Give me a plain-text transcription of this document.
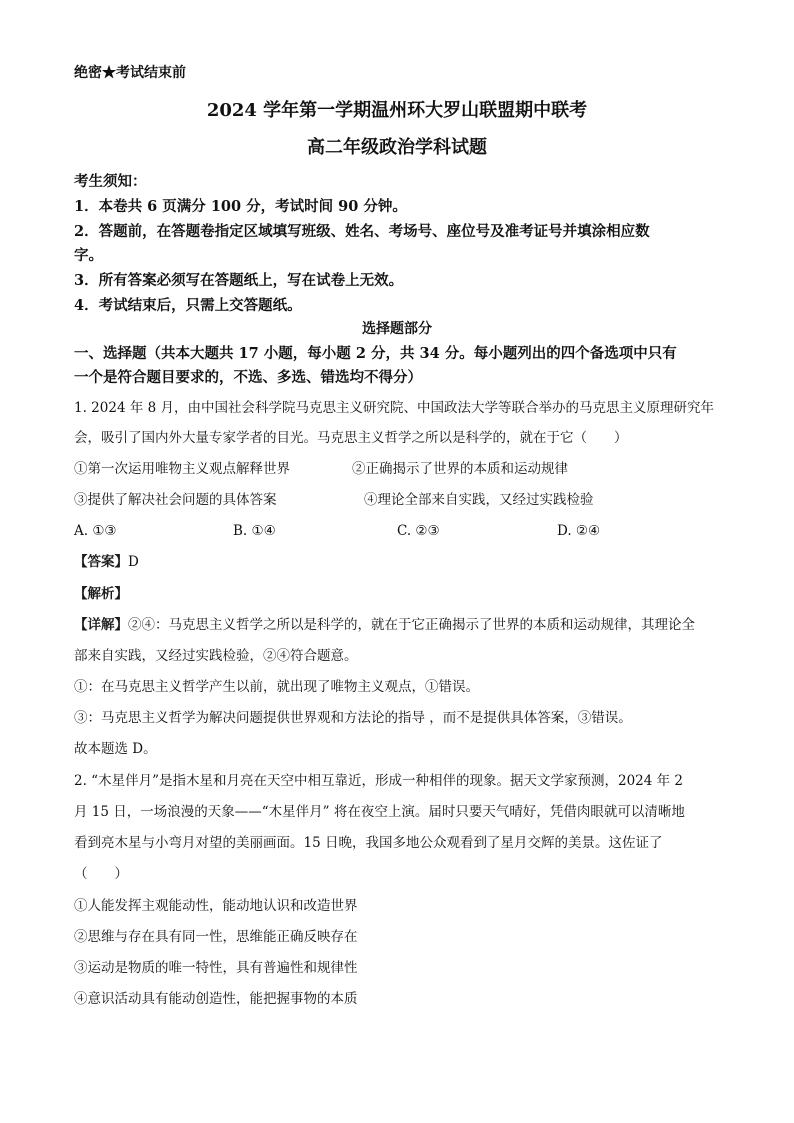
绝密★考试结束前
2024 学年第一学期温州环大罗山联盟期中联考
高二年级政治学科试题
考生须知：
1．本卷共 6 页满分 100 分，考试时间 90 分钟。
2．答题前，在答题卷指定区域填写班级、姓名、考场号、座位号及准考证号并填涂相应数
字。
3．所有答案必须写在答题纸上，写在试卷上无效。
4．考试结束后，只需上交答题纸。
选择题部分
一、选择题（共本大题共 17 小题，每小题 2 分，共 34 分。每小题列出的四个备选项中只有
一个是符合题目要求的，不选、多选、错选均不得分）
1. 2024 年 8 月，由中国社会科学院马克思主义研究院、中国政法大学等联合举办的马克思主义原理研究年
会，吸引了国内外大量专家学者的目光。马克思主义哲学之所以是科学的，就在于它（　　）
①第一次运用唯物主义观点解释世界	②正确揭示了世界的本质和运动规律
③提供了解决社会问题的具体答案	④理论全部来自实践，又经过实践检验
A. ①③	B. ①④	C. ②③	D. ②④
【答案】D
【解析】
【详解】②④：马克思主义哲学之所以是科学的，就在于它正确揭示了世界的本质和运动规律，其理论全
部来自实践，又经过实践检验，②④符合题意。
①：在马克思主义哲学产生以前，就出现了唯物主义观点，①错误。
③：马克思主义哲学为解决问题提供世界观和方法论的指导 ，而不是提供具体答案，③错误。
故本题选 D。
2. “木星伴月”是指木星和月亮在天空中相互靠近，形成一种相伴的现象。据天文学家预测，2024 年 2
月 15 日，一场浪漫的天象——“木星伴月” 将在夜空上演。届时只要天气晴好，凭借肉眼就可以清晰地
看到亮木星与小弯月对望的美丽画面。15 日晚，我国多地公众观看到了星月交辉的美景。这佐证了
（　　）
①人能发挥主观能动性，能动地认识和改造世界
②思维与存在具有同一性，思维能正确反映存在
③运动是物质的唯一特性，具有普遍性和规律性
④意识活动具有能动创造性，能把握事物的本质
